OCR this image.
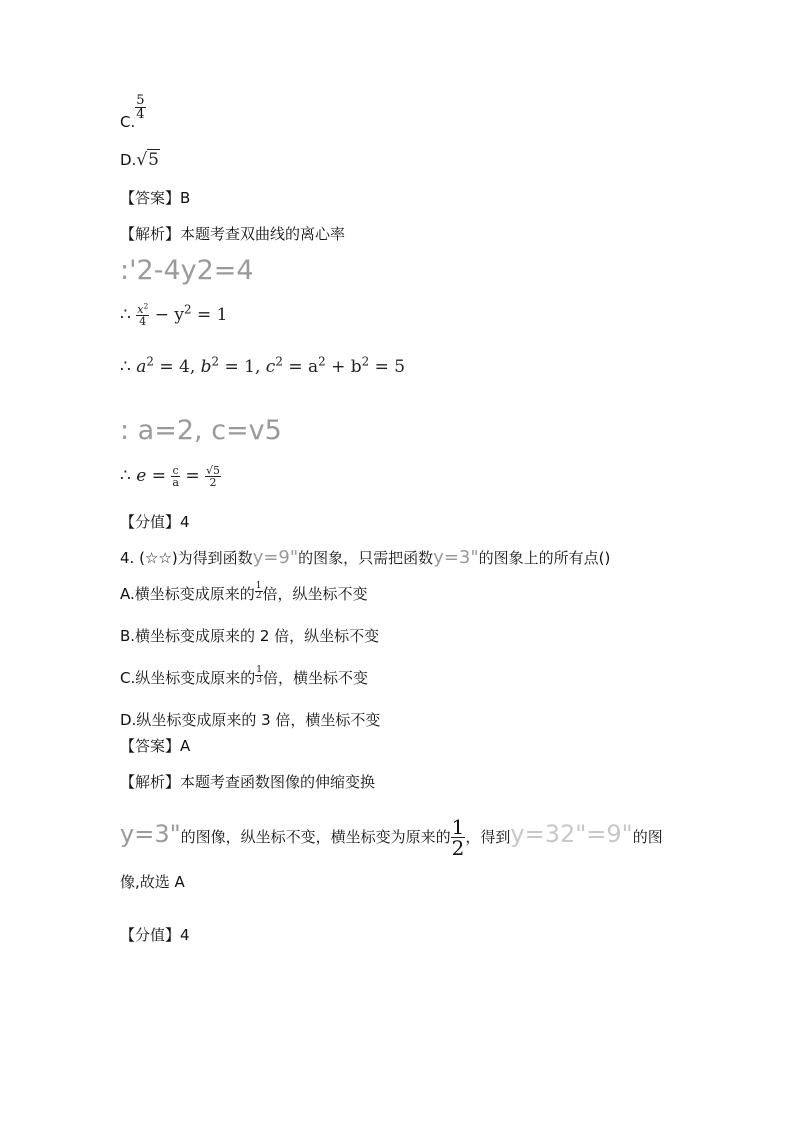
C.
$\frac{5}{4}$
D.√5
【答案】B
【解析】本题考查双曲线的离心率
:'2-4y2=4
∴ $\frac{x^2}{4} - y^2 = 1$
∴ $a^2 = 4$, $b^2 = 1$, $c^2 = a^2 + b^2 = 5$
: a=2, c=v5
∴ $e = \frac{c}{a} = \frac{√5}{2}$
【分值】4
4. (☆☆)为得到函数y=9"的图象，只需把函数y=3"的图象上的所有点()
A.横坐标变成原来的 $\frac{1}{2}$ 倍，纵坐标不变
B.横坐标变成原来的 2 倍，纵坐标不变
C.纵坐标变成原来的 $\frac{1}{3}$ 倍，横坐标不变
D.纵坐标变成原来的 3 倍，横坐标不变
【答案】A
【解析】本题考查函数图像的伸缩变换
y=3"的图像，纵坐标不变，横坐标变为原来的 $\frac{1}{2}$ ，得到y=32"=9"的图
像,故选 A
【分值】4
